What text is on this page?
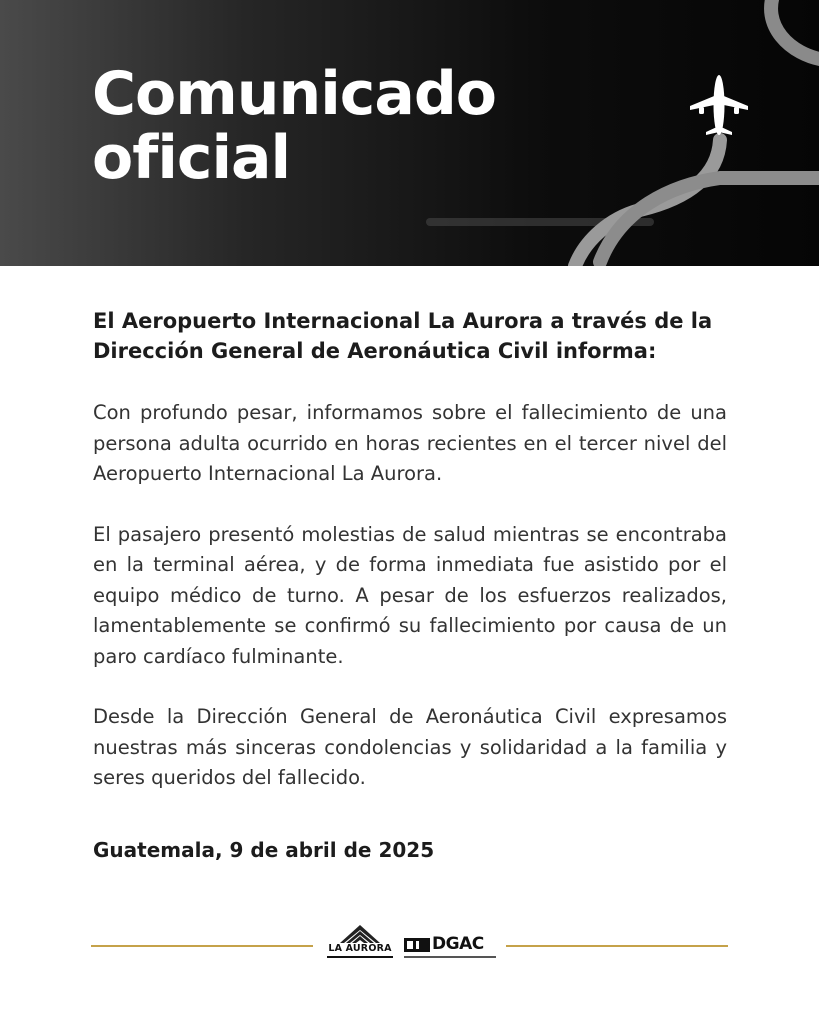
Comunicado
oficial

El Aeropuerto Internacional La Aurora a través de la Dirección General de Aeronáutica Civil informa:

Con profundo pesar, informamos sobre el fallecimiento de una persona adulta ocurrido en horas recientes en el tercer nivel del Aeropuerto Internacional La Aurora.

El pasajero presentó molestias de salud mientras se encontraba en la terminal aérea, y de forma inmediata fue asistido por el equipo médico de turno. A pesar de los esfuerzos realizados, lamentablemente se confirmó su fallecimiento por causa de un paro cardíaco fulminante.

Desde la Dirección General de Aeronáutica Civil expresamos nuestras más sinceras condolencias y solidaridad a la familia y seres queridos del fallecido.

Guatemala, 9 de abril de 2025
LA AURORA DGAC
